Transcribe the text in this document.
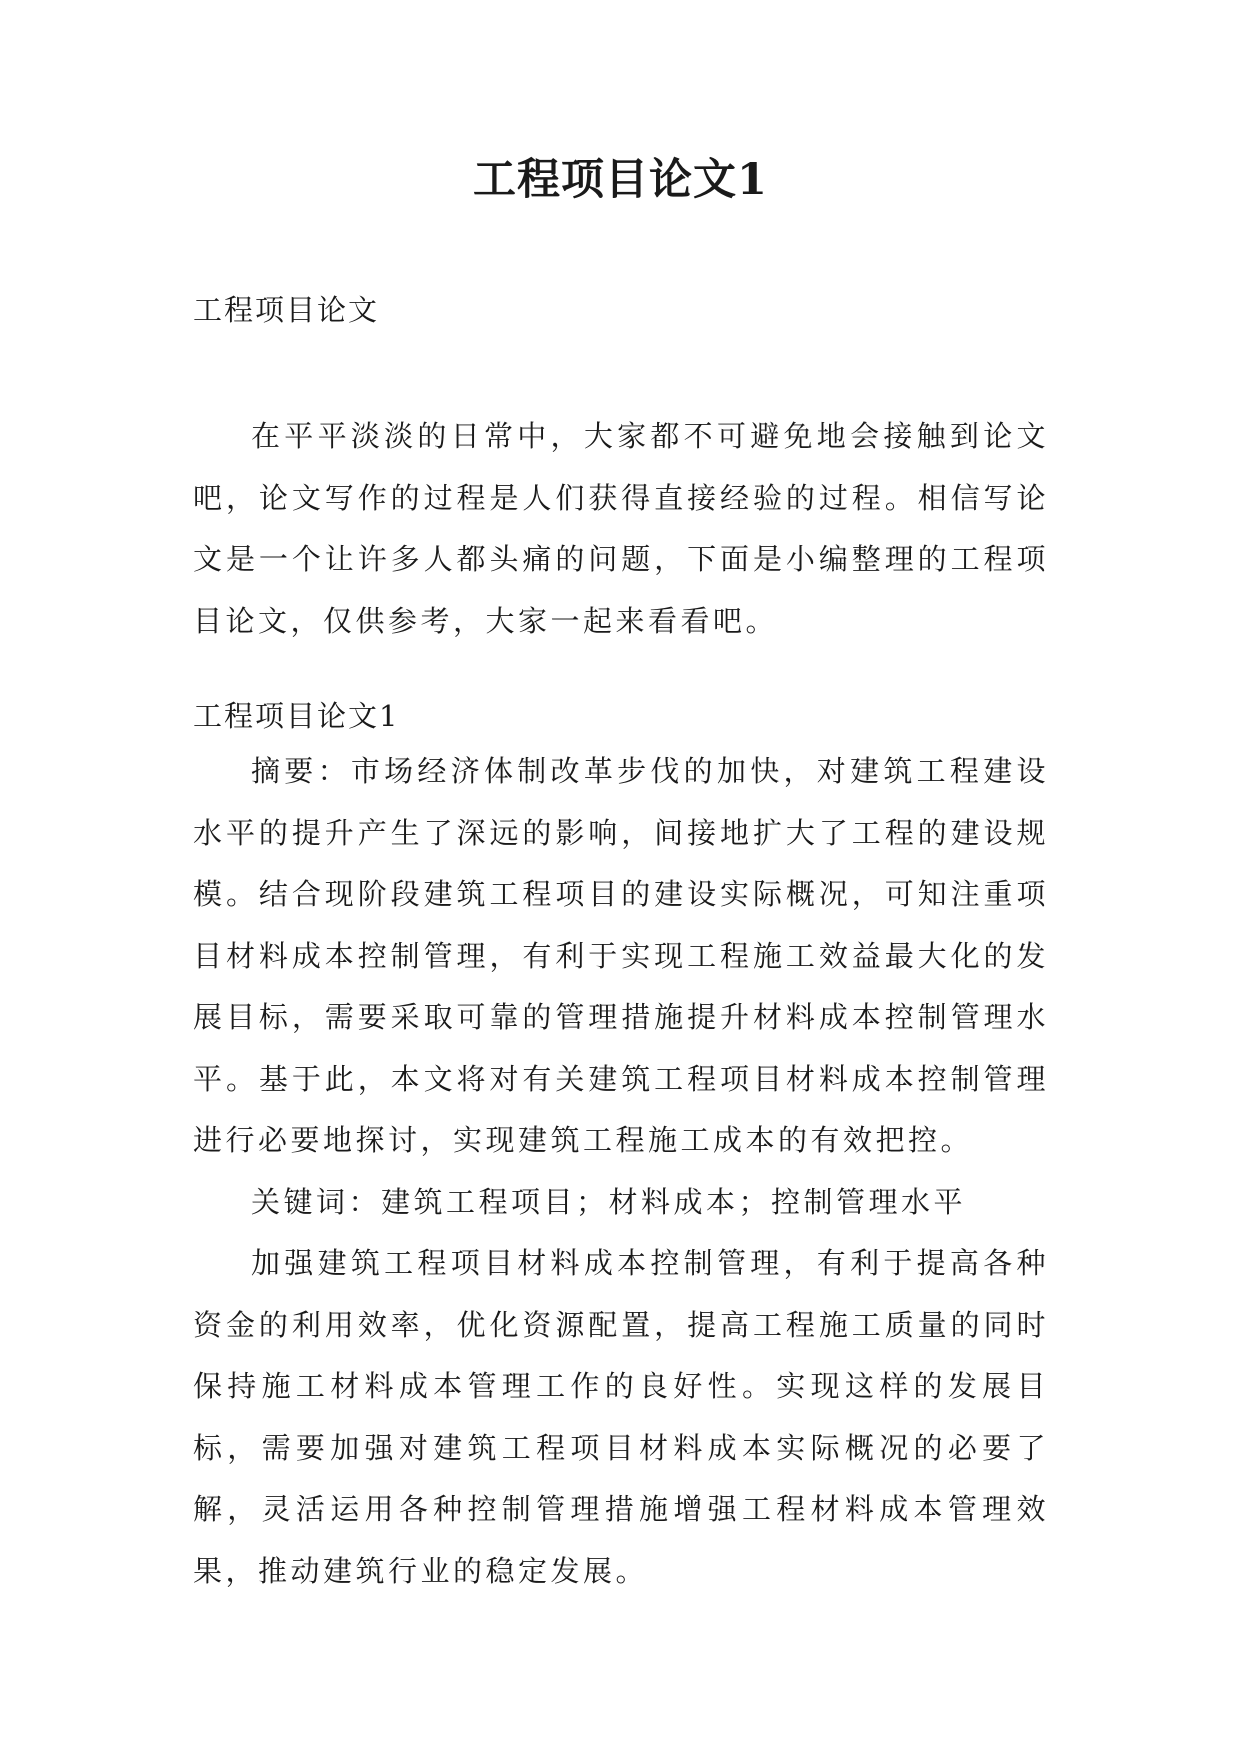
工程项目论文1
工程项目论文

在平平淡淡的日常中，大家都不可避免地会接触到论文吧，论文写作的过程是人们获得直接经验的过程。相信写论文是一个让许多人都头痛的问题，下面是小编整理的工程项目论文，仅供参考，大家一起来看看吧。

工程项目论文1

摘要：市场经济体制改革步伐的加快，对建筑工程建设水平的提升产生了深远的影响，间接地扩大了工程的建设规模。结合现阶段建筑工程项目的建设实际概况，可知注重项目材料成本控制管理，有利于实现工程施工效益最大化的发展目标，需要采取可靠的管理措施提升材料成本控制管理水平。基于此，本文将对有关建筑工程项目材料成本控制管理进行必要地探讨，实现建筑工程施工成本的有效把控。

关键词：建筑工程项目；材料成本；控制管理水平

加强建筑工程项目材料成本控制管理，有利于提高各种资金的利用效率，优化资源配置，提高工程施工质量的同时保持施工材料成本管理工作的良好性。实现这样的发展目标，需要加强对建筑工程项目材料成本实际概况的必要了解，灵活运用各种控制管理措施增强工程材料成本管理效果，推动建筑行业的稳定发展。
